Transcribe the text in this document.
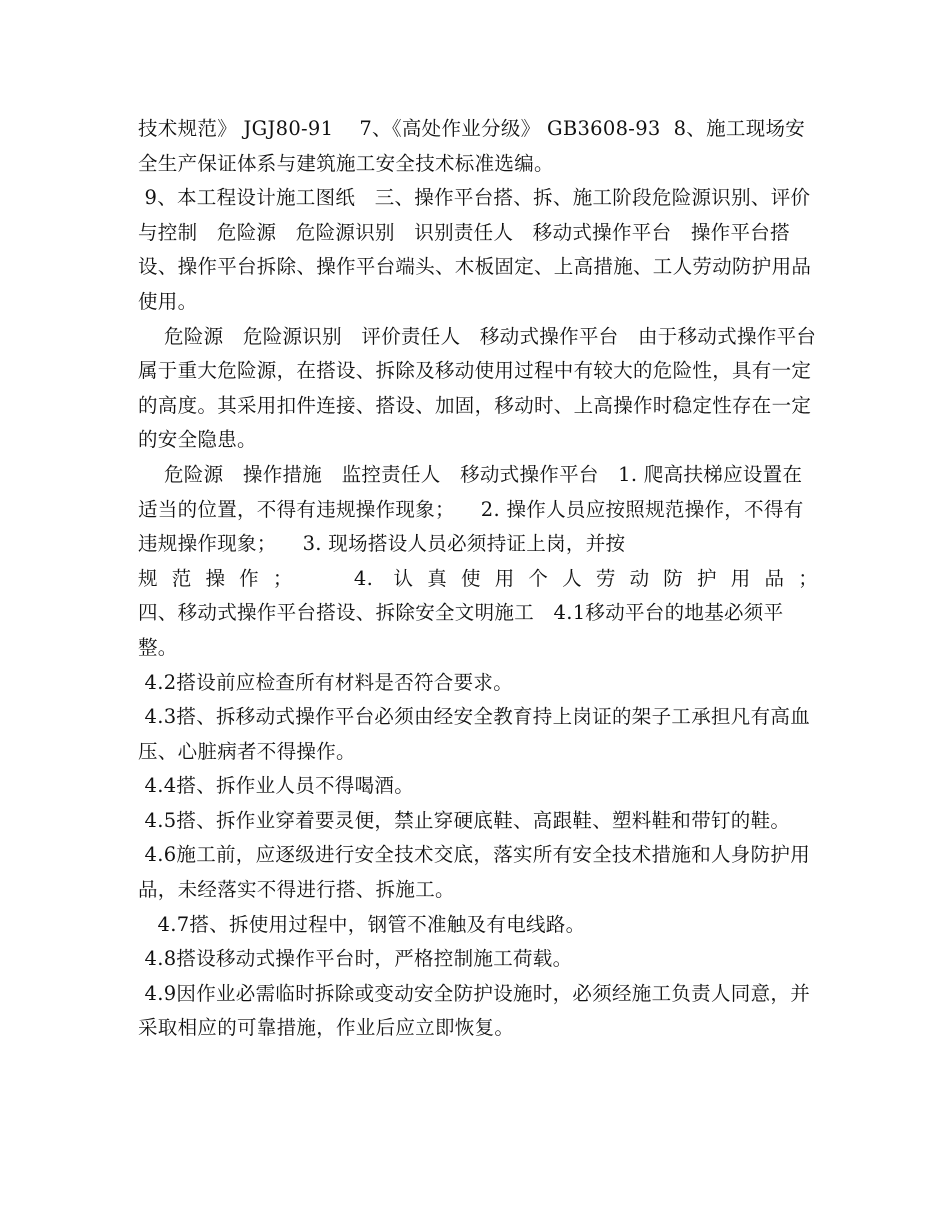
技术规范》 JGJ80-91    7、《高处作业分级》 GB3608-93  8、施工现场安全生产保证体系与建筑施工安全技术标准选编。

9、本工程设计施工图纸   三、操作平台搭、拆、施工阶段危险源识别、评价与控制   危险源   危险源识别   识别责任人   移动式操作平台   操作平台搭设、操作平台拆除、操作平台端头、木板固定、上高措施、工人劳动防护用品使用。

危险源   危险源识别   评价责任人   移动式操作平台   由于移动式操作平台属于重大危险源，在搭设、拆除及移动使用过程中有较大的危险性，具有一定的高度。其采用扣件连接、搭设、加固，移动时、上高操作时稳定性存在一定的安全隐患。

危险源   操作措施   监控责任人   移动式操作平台   1. 爬高扶梯应设置在适当的位置，不得有违规操作现象；    2. 操作人员应按照规范操作，不得有违规操作现象；    3. 现场搭设人员必须持证上岗，并按

规范操作；   4. 认真使用个人劳动防护用品；

四、移动式操作平台搭设、拆除安全文明施工   4.1移动平台的地基必须平整。

4.2搭设前应检查所有材料是否符合要求。

4.3搭、拆移动式操作平台必须由经安全教育持上岗证的架子工承担凡有高血压、心脏病者不得操作。

4.4搭、拆作业人员不得喝酒。

4.5搭、拆作业穿着要灵便，禁止穿硬底鞋、高跟鞋、塑料鞋和带钉的鞋。

4.6施工前，应逐级进行安全技术交底，落实所有安全技术措施和人身防护用品，未经落实不得进行搭、拆施工。

4.7搭、拆使用过程中，钢管不准触及有电线路。

4.8搭设移动式操作平台时，严格控制施工荷载。

4.9因作业必需临时拆除或变动安全防护设施时，必须经施工负责人同意，并采取相应的可靠措施，作业后应立即恢复。
